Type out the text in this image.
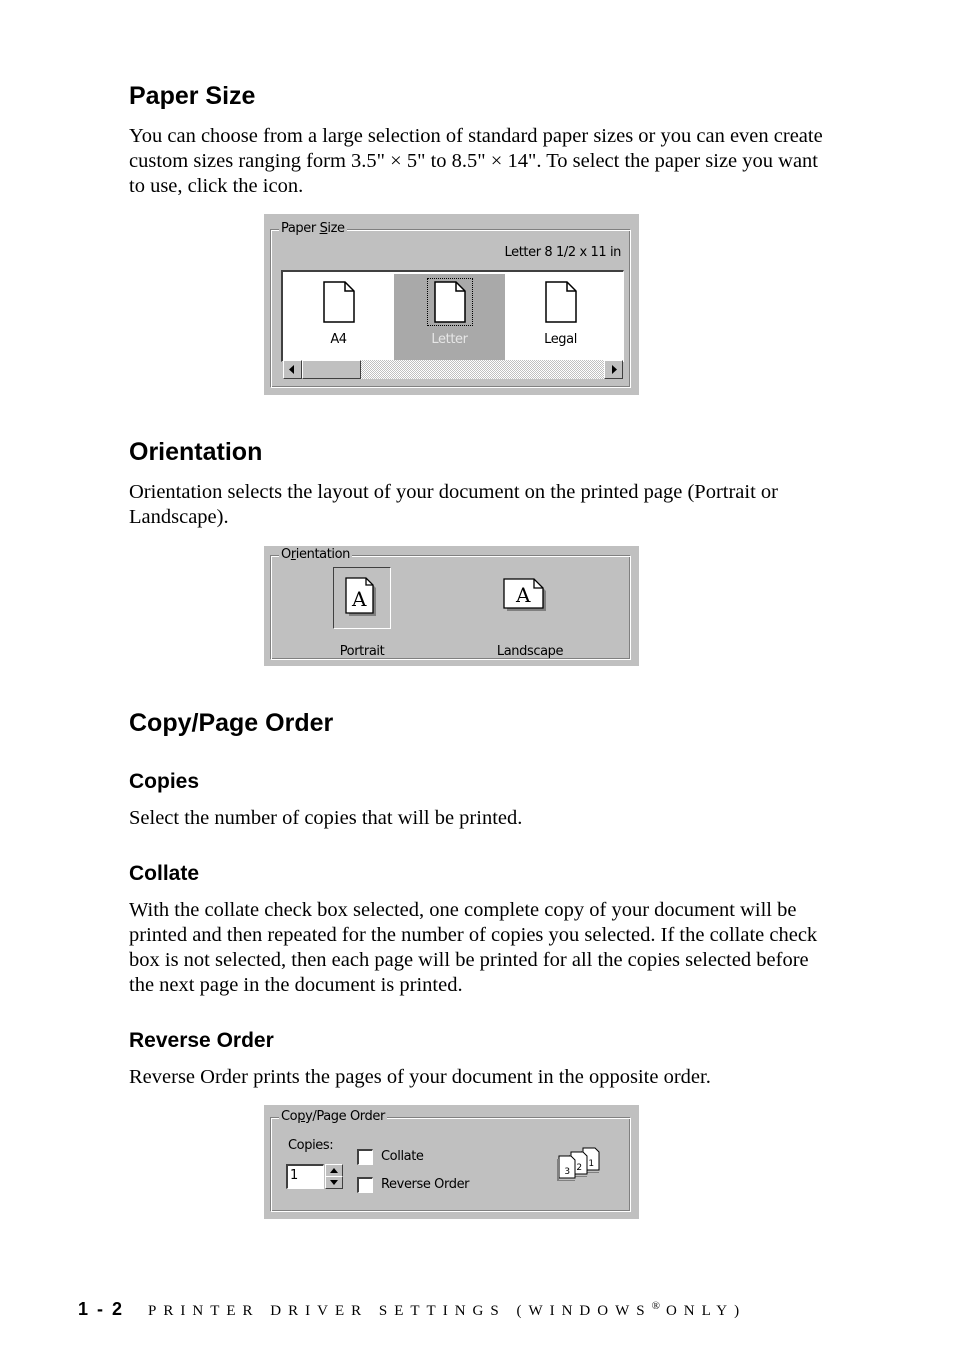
Paper Size

You can choose from a large selection of standard paper sizes or you can even create custom sizes ranging form 3.5" × 5" to 8.5" × 14". To select the paper size you want to use, click the icon.

Paper Size
Letter 8 1/2 x 11 in
A4	Letter	Legal
Orientation

Orientation selects the layout of your document on the printed page (Portrait or Landscape).

Orientation
A
Portrait
A
Landscape
Copy/Page Order
Copies

Select the number of copies that will be printed.

Collate

With the collate check box selected, one complete copy of your document will be printed and then repeated for the number of copies you selected. If the collate check box is not selected, then each page will be printed for all the copies selected before the next page in the document is printed.

Reverse Order

Reverse Order prints the pages of your document in the opposite order.

Copy/Page Order
Copies:
1
Collate
Reverse Order
1
2
3
1 - 2 PRINTER DRIVER SETTINGS (WINDOWS® ONLY)
